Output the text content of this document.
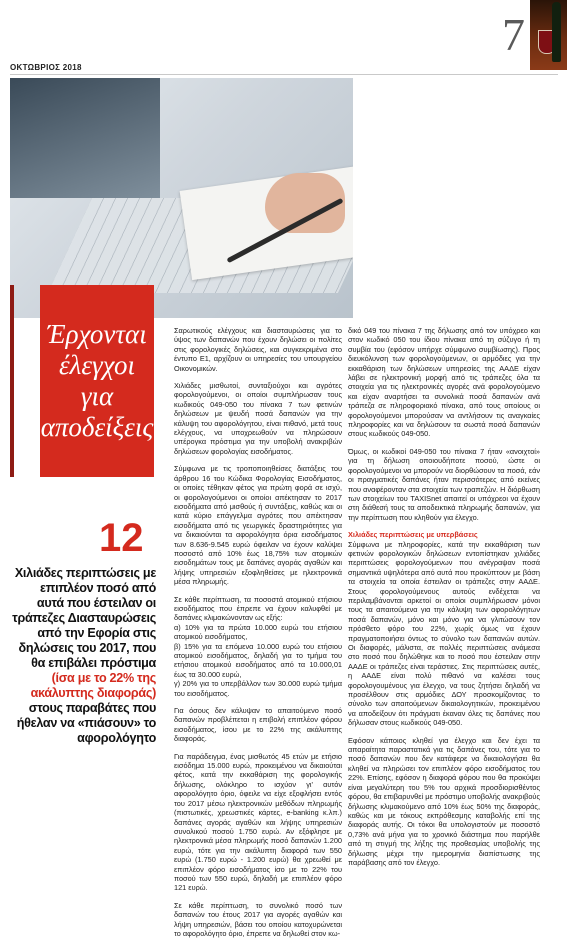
ΟΚΤΩΒΡΙΟΣ 2018
7
Έρχονται έλεγχοι για αποδείξεις
12
Χιλιάδες περιπτώσεις με επιπλέον ποσό από αυτά που έστειλαν οι τράπεζες Διασταυρώσεις από την Εφορία στις δηλώσεις του 2017, που θα επιβάλει πρόστιμα (ίσα με το 22% της ακάλυπτης διαφοράς) στους παραβάτες που ήθελαν να «πιάσουν» το αφορολόγητο

Σαρωτικούς ελέγχους και διασταυρώσεις για το ύψος των δαπανών που έχουν δηλώσει οι πολίτες στις φορολογικές δηλώσεις, και συγκεκριμένα στο έντυπο Ε1, αρχίζουν οι υπηρεσίες του υπουργείου Οικονομικών.

Χιλιάδες μισθωτοί, συνταξιούχοι και αγρότες φορολογούμενοι, οι οποίοι συμπλήρωσαν τους κωδικούς 049-050 του πίνακα 7 των φετινών δηλώσεων με ψευδή ποσά δαπανών για την κάλυψη του αφορολόγητου, είναι πιθανό, μετά τους ελέγχους, να υποχρεωθούν να πληρώσουν υπέρογκα πρόστιμα για την υποβολή ανακριβών δηλώσεων φορολογίας εισοδήματος.

Σύμφωνα με τις τροποποιηθείσες διατάξεις του άρθρου 16 του Κώδικα Φορολογίας Εισοδήματος, οι οποίες τέθηκαν φέτος για πρώτη φορά σε ισχύ, οι φορολογούμενοι οι οποίοι απέκτησαν το 2017 εισοδήματα από μισθούς ή συντάξεις, καθώς και οι κατά κύριο επάγγελμα αγρότες που απέκτησαν εισοδήματα από τις γεωργικές δραστηριότητες για να δικαιούνται τα αφορολόγητα όρια εισοδήματος των 8.636-9.545 ευρώ όφειλαν να έχουν καλύψει ποσοστό από 10% έως 18,75% των ατομικών εισοδημάτων τους με δαπάνες αγοράς αγαθών και λήψης υπηρεσιών εξοφληθείσες με ηλεκτρονικά μέσα πληρωμής.

Σε κάθε περίπτωση, τα ποσοστά ατομικού ετήσιου εισοδήματος που έπρεπε να έχουν καλυφθεί με δαπάνες κλιμακώνονταν ως εξής:

α) 10% για τα πρώτα 10.000 ευρώ του ετήσιου ατομικού εισοδήματος,

β) 15% για τα επόμενα 10.000 ευρώ του ετήσιου ατομικού εισοδήματος, δηλαδή για το τμήμα του ετήσιου ατομικού εισοδήματος από τα 10.000,01 έως τα 30.000 ευρώ,

γ) 20% για το υπερβάλλον των 30.000 ευρώ τμήμα του εισοδήματος.

Για όσους δεν κάλυψαν το απαιτούμενο ποσό δαπανών προβλέπεται η επιβολή επιπλέον φόρου εισοδήματος, ίσου με το 22% της ακάλυπτης διαφοράς.

Για παράδειγμα, ένας μισθωτός 45 ετών με ετήσιο εισόδημα 15.000 ευρώ, προκειμένου να δικαιούται φέτος, κατά την εκκαθάριση της φορολογικής δήλωσης, ολόκληρο το ισχύον γι' αυτόν αφορολόγητο όριο, όφειλε να είχε εξοφλήσει εντός του 2017 μέσω ηλεκτρονικών μεθόδων πληρωμής (πιστωτικές, χρεωστικές κάρτες, e-banking κ.λπ.) δαπάνες αγοράς αγαθών και λήψης υπηρεσιών συνολικού ποσού 1.750 ευρώ. Αν εξόφλησε με ηλεκτρονικά μέσα πληρωμής ποσό δαπανών 1.200 ευρώ, τότε για την ακάλυπτη διαφορά των 550 ευρώ (1.750 ευρώ - 1.200 ευρώ) θα χρεωθεί με επιπλέον φόρο εισοδήματος ίσο με το 22% του ποσού των 550 ευρώ, δηλαδή με επιπλέον φόρο 121 ευρώ.

Σε κάθε περίπτωση, το συνολικό ποσό των δαπανών του έτους 2017 για αγορές αγαθών και λήψη υπηρεσιών, βάσει του οποίου κατοχυρώνεται το αφορολόγητο όριο, έπρεπε να δηλωθεί στον κω-

δικό 049 του πίνακα 7 της δήλωσης από τον υπόχρεο και στον κωδικό 050 του ίδιου πίνακα από τη σύζυγο ή τη συμβία του (εφόσον υπήρχε σύμφωνο συμβίωσης). Προς διευκόλυνση των φορολογούμενων, οι αρμόδιες για την εκκαθάριση των δηλώσεων υπηρεσίες της ΑΑΔΕ είχαν λάβει σε ηλεκτρονική μορφή από τις τράπεζες όλα τα στοιχεία για τις ηλεκτρονικές αγορές ανά φορολογούμενο και είχαν αναρτήσει τα συνολικά ποσά δαπανών ανά τράπεζα σε πληροφοριακό πίνακα, από τους οποίους οι φορολογούμενοι μπορούσαν να αντλήσουν τις αναγκαίες πληροφορίες και να δηλώσουν τα σωστά ποσά δαπανών στους κωδικούς 049-050.

Όμως, οι κωδικοί 049-050 του πίνακα 7 ήταν «ανοιχτοί» για τη δήλωση οποιουδήποτε ποσού, ώστε οι φορολογούμενοι να μπορούν να διορθώσουν τα ποσά, εάν οι πραγματικές δαπάνες ήταν περισσότερες από εκείνες που αναφέρονταν στα στοιχεία των τραπεζών. Η διόρθωση των στοιχείων του TAXISnet απαιτεί οι υπόχρεοι να έχουν στη διάθεσή τους τα αποδεικτικά πληρωμής δαπανών, για την περίπτωση που κληθούν για έλεγχο.

Χιλιάδες περιπτώσεις με υπερβάσεις

Σύμφωνα με πληροφορίες, κατά την εκκαθάριση των φετινών φορολογικών δηλώσεων εντοπίστηκαν χιλιάδες περιπτώσεις φορολογούμενων που ανέγραψαν ποσά σημαντικά υψηλότερα από αυτά που προκύπτουν με βάση τα στοιχεία τα οποία έστειλαν οι τράπεζες στην ΑΑΔΕ. Στους φορολογούμενους αυτούς ενδέχεται να περιλαμβάνονται αρκετοί οι οποίοι συμπλήρωσαν μόνοι τους τα απαιτούμενα για την κάλυψη των αφορολόγητων ποσά δαπανών, μόνο και μόνο για να γλιτώσουν τον πρόσθετο φόρο του 22%, χωρίς όμως να έχουν πραγματοποιήσει όντως το σύνολο των δαπανών αυτών. Οι διαφορές, μάλιστα, σε πολλές περιπτώσεις ανάμεσα στο ποσό που δηλώθηκε και το ποσό που έστειλαν στην ΑΑΔΕ οι τράπεζες είναι τεράστιες. Στις περιπτώσεις αυτές, η ΑΑΔΕ είναι πολύ πιθανό να καλέσει τους φορολογουμένους για έλεγχο, να τους ζητήσει δηλαδή να προσέλθουν στις αρμόδιες ΔΟΥ προσκομίζοντας το σύνολο των απαιτούμενων δικαιολογητικών, προκειμένου να αποδείξουν ότι πράγματι έκαναν όλες τις δαπάνες που δήλωσαν στους κωδικούς 049-050.

Εφόσον κάποιος κληθεί για έλεγχο και δεν έχει τα απαραίτητα παραστατικά για τις δαπάνες του, τότε για το ποσό δαπανών που δεν κατάφερε να δικαιολογήσει θα κληθεί να πληρώσει τον επιπλέον φόρο εισοδήματος του 22%. Επίσης, εφόσον η διαφορά φόρου που θα προκύψει είναι μεγαλύτερη του 5% του αρχικά προσδιορισθέντος φόρου, θα επιβαρυνθεί με πρόστιμο υποβολής ανακριβούς δήλωσης κλιμακούμενο από 10% έως 50% της διαφοράς, καθώς και με τόκους εκπρόθεσμης καταβολής επί της διαφοράς αυτής. Οι τόκοι θα υπολογιστούν με ποσοστό 0,73% ανά μήνα για το χρονικό διάστημα που παρήλθε από τη στιγμή της λήξης της προθεσμίας υποβολής της δήλωσης μέχρι την ημερομηνία διαπίστωσης της παράβασης από τον έλεγχο.
